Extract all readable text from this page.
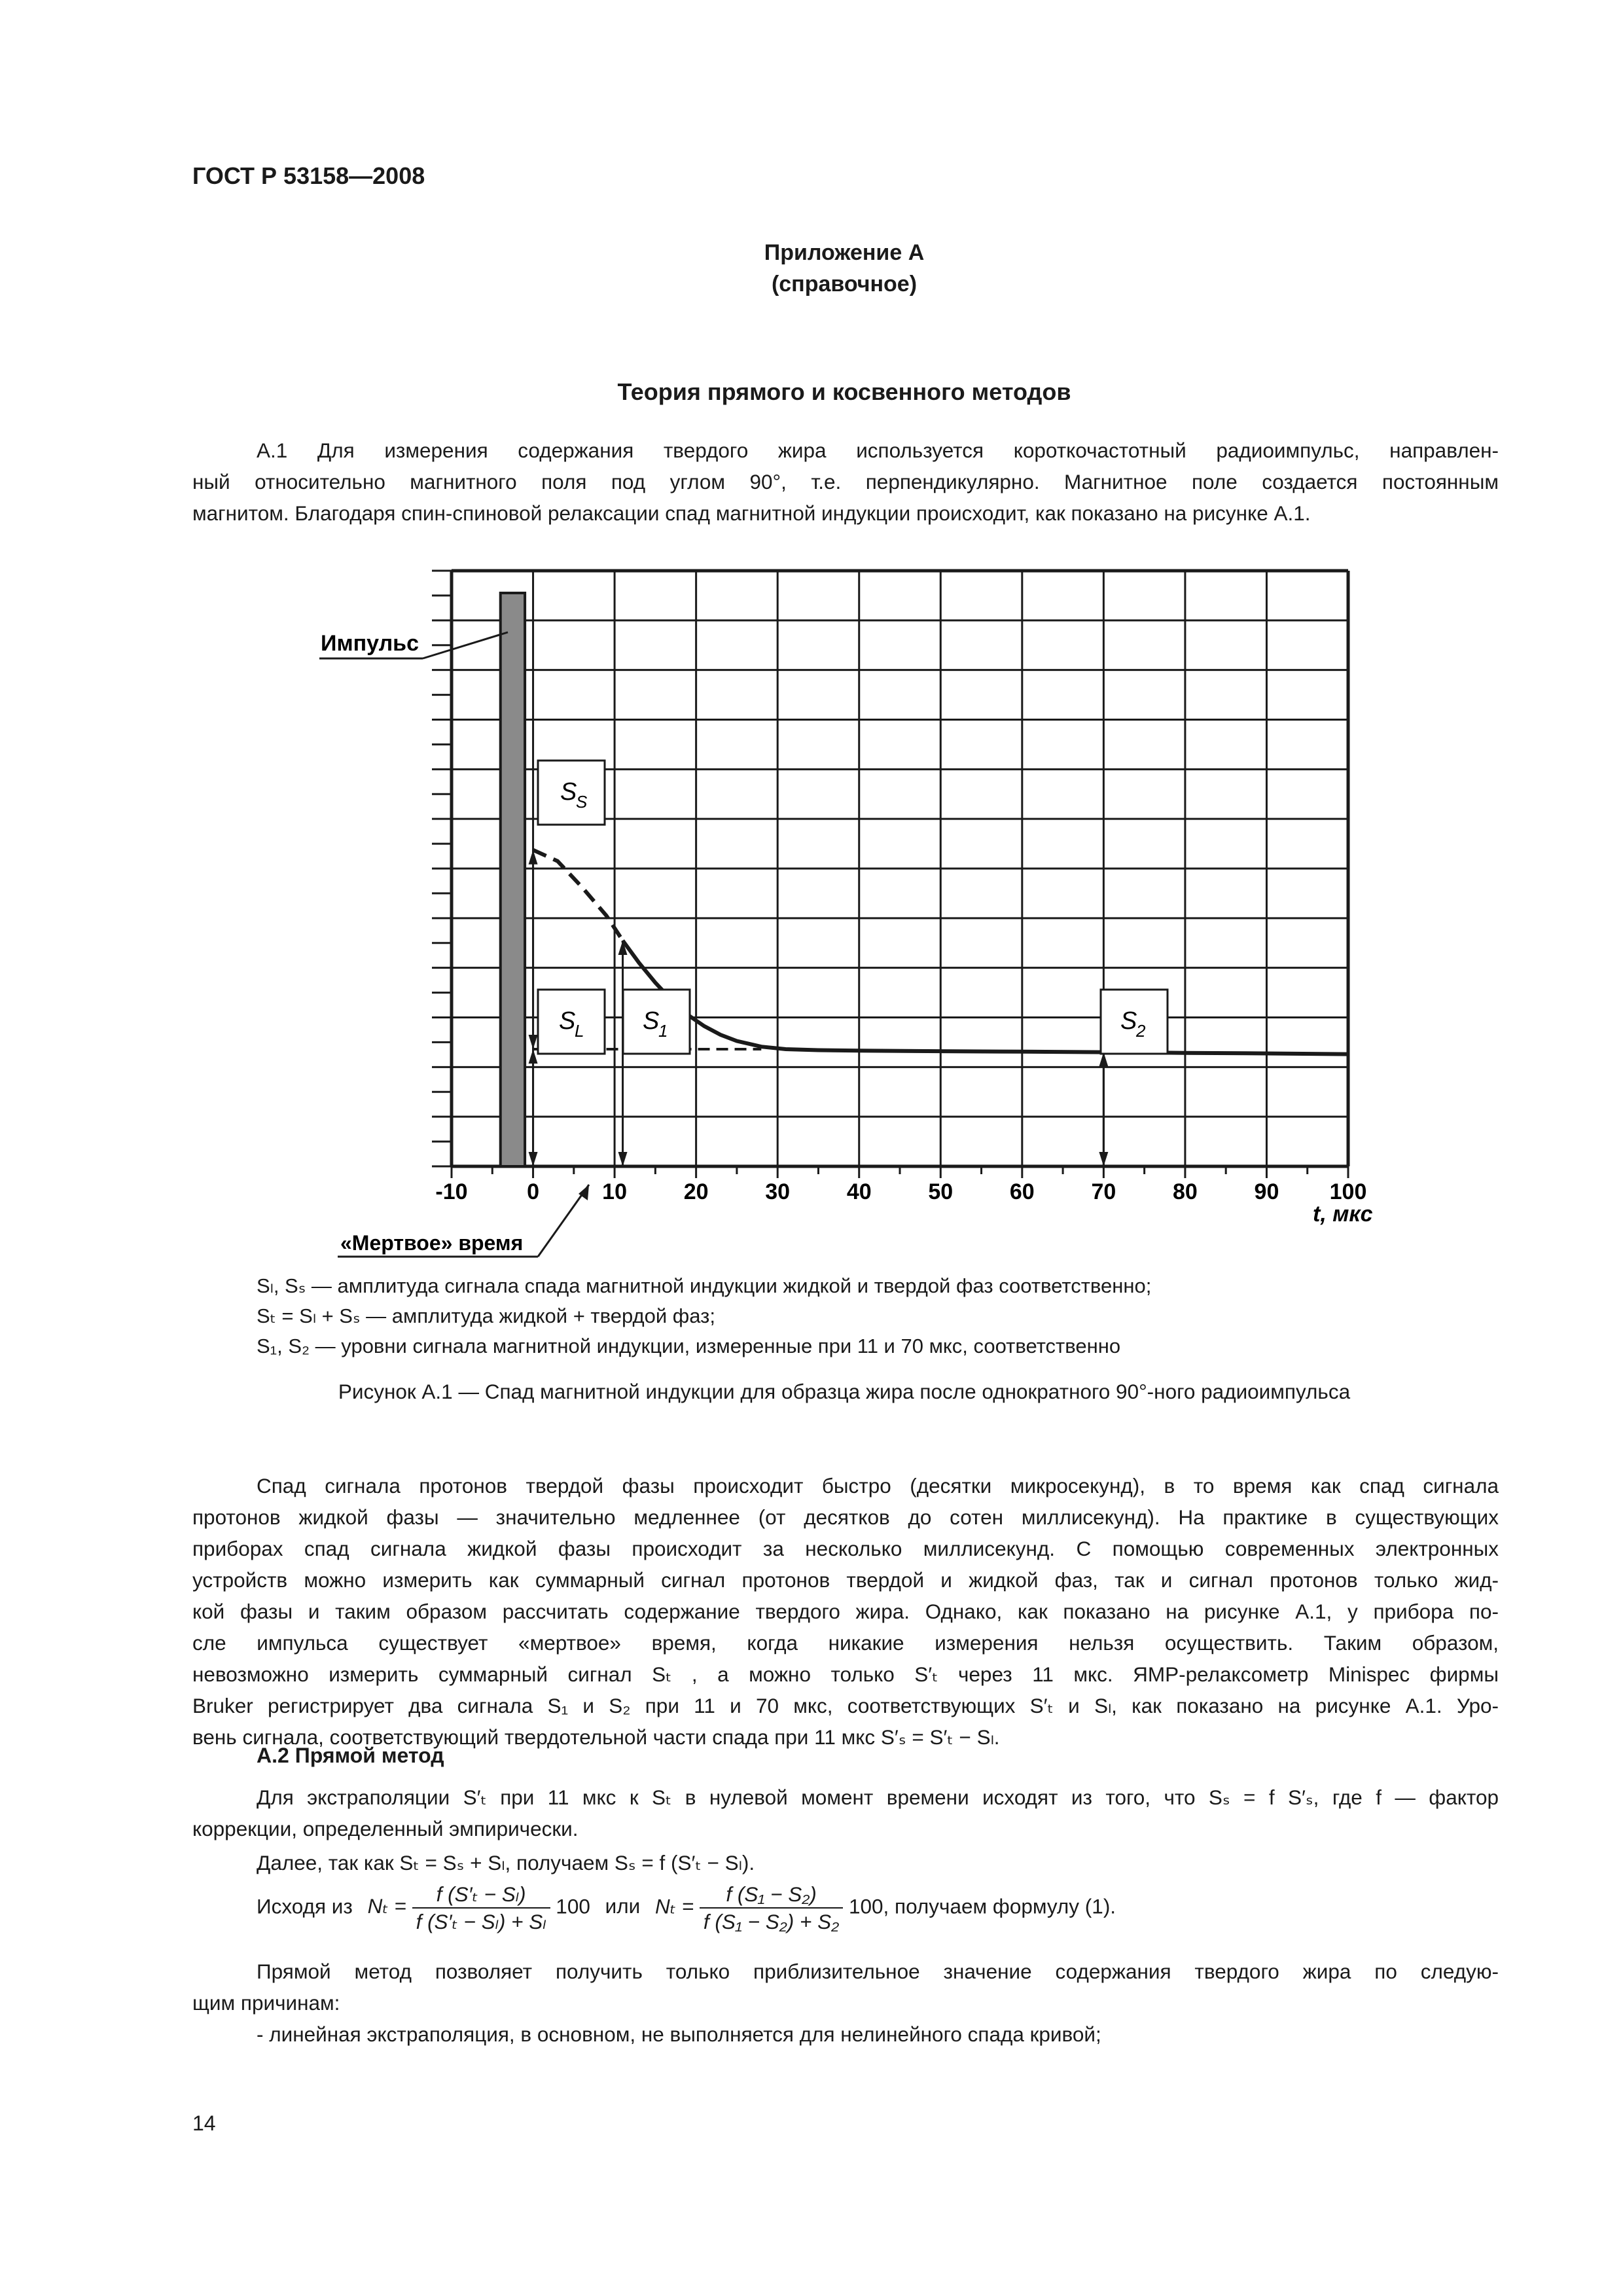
ГОСТ Р 53158—2008
Приложение А
(справочное)
Теория прямого и косвенного методов
А.1 Для измерения содержания твердого жира используется короткочастотный радиоимпульс, направлен-
ный относительно магнитного поля под углом 90°, т.е. перпендикулярно. Магнитное поле создается постоянным
магнитом. Благодаря спин-спиновой релаксации спад магнитной индукции происходит, как показано на рисунке А.1.
-10	0	10	20	30	40	50	60	70	80	90 100
S
S
S
L S
1	S
2
Импульс
«Мертвое» время
t, мкс
Sₗ, Sₛ — амплитуда сигнала спада магнитной индукции жидкой и твердой фаз соответственно;
Sₜ = Sₗ + Sₛ — амплитуда жидкой + твердой фаз;
S₁, S₂ — уровни сигнала магнитной индукции, измеренные при 11 и 70 мкс, соответственно
Рисунок А.1 — Спад магнитной индукции для образца жира после однократного 90°-ного радиоимпульса
Спад сигнала протонов твердой фазы происходит быстро (десятки микросекунд), в то время как спад сигнала
протонов жидкой фазы — значительно медленнее (от десятков до сотен миллисекунд). На практике в существующих
приборах спад сигнала жидкой фазы происходит за несколько миллисекунд. С помощью современных электронных
устройств можно измерить как суммарный сигнал протонов твердой и жидкой фаз, так и сигнал протонов только жид-
кой фазы и таким образом рассчитать содержание твердого жира. Однако, как показано на рисунке А.1, у прибора по-
сле импульса существует «мертвое» время, когда никакие измерения нельзя осуществить. Таким образом,
невозможно измерить суммарный сигнал Sₜ , а можно только S′ₜ через 11 мкс. ЯМР-релаксометр Minispec фирмы
Bruker регистрирует два сигнала S₁ и S₂ при 11 и 70 мкс, соответствующих S′ₜ и Sₗ, как показано на рисунке А.1. Уро-
вень сигнала, соответствующий твердотельной части спада при 11 мкс S′ₛ = S′ₜ − Sₗ.
А.2 Прямой метод
Для экстраполяции S′ₜ при 11 мкс к Sₜ в нулевой момент времени исходят из того, что Sₛ = f S′ₛ, где f — фактор
коррекции, определенный эмпирически.
Далее, так как Sₜ = Sₛ + Sₗ, получаем Sₛ = f (S′ₜ − Sₗ).
Исходя из $N_t = \frac{\text{f (S′ₜ − Sₗ)}}{\text{f (S′ₜ − Sₗ) + Sₗ}} 100$ или $N_t = \frac{\text{f (S₁ − S₂)}}{\text{f (S₁ − S₂) + S₂}} 100$, получаем формулу (1).
Прямой метод позволяет получить только приблизительное значение содержания твердого жира по следую-
щим причинам:
- линейная экстраполяция, в основном, не выполняется для нелинейного спада кривой;
14
